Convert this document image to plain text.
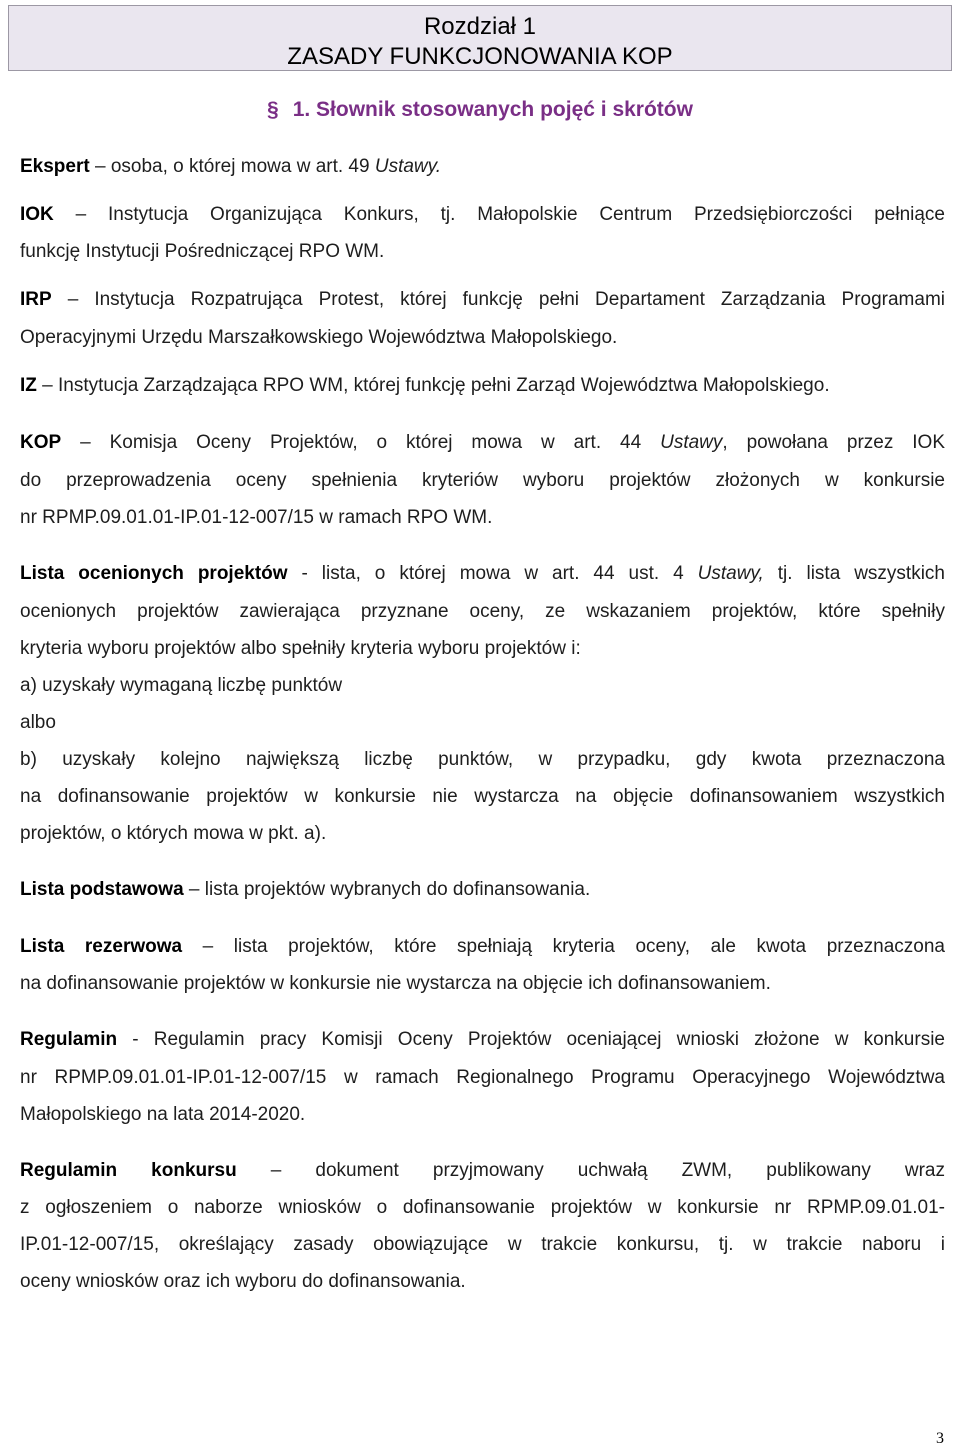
Rozdział 1
ZASADY FUNKCJONOWANIA KOP
§ 1. Słownik stosowanych pojęć i skrótów
Ekspert – osoba, o której mowa w art. 49 Ustawy.
IOK – Instytucja Organizująca Konkurs, tj. Małopolskie Centrum Przedsiębiorczości pełniące
funkcję Instytucji Pośredniczącej RPO WM.
IRP – Instytucja Rozpatrująca Protest, której funkcję pełni Departament Zarządzania Programami
Operacyjnymi Urzędu Marszałkowskiego Województwa Małopolskiego.
IZ – Instytucja Zarządzająca RPO WM, której funkcję pełni Zarząd Województwa Małopolskiego.
KOP – Komisja Oceny Projektów, o której mowa w art. 44 Ustawy, powołana przez IOK
do przeprowadzenia oceny spełnienia kryteriów wyboru projektów złożonych w konkursie
nr RPMP.09.01.01-IP.01-12-007/15 w ramach RPO WM.
Lista ocenionych projektów - lista, o której mowa w art. 44 ust. 4 Ustawy, tj. lista wszystkich
ocenionych projektów zawierająca przyznane oceny, ze wskazaniem projektów, które spełniły
kryteria wyboru projektów albo spełniły kryteria wyboru projektów i:
a) uzyskały wymaganą liczbę punktów
albo
b) uzyskały kolejno największą liczbę punktów, w przypadku, gdy kwota przeznaczona
na dofinansowanie projektów w konkursie nie wystarcza na objęcie dofinansowaniem wszystkich
projektów, o których mowa w pkt. a).
Lista podstawowa – lista projektów wybranych do dofinansowania.
Lista rezerwowa – lista projektów, które spełniają kryteria oceny, ale kwota przeznaczona
na dofinansowanie projektów w konkursie nie wystarcza na objęcie ich dofinansowaniem.
Regulamin - Regulamin pracy Komisji Oceny Projektów oceniającej wnioski złożone w konkursie
nr RPMP.09.01.01-IP.01-12-007/15 w ramach Regionalnego Programu Operacyjnego Województwa
Małopolskiego na lata 2014-2020.
Regulamin konkursu – dokument przyjmowany uchwałą ZWM, publikowany wraz
z ogłoszeniem o naborze wniosków o dofinansowanie projektów w konkursie nr RPMP.09.01.01-
IP.01-12-007/15, określający zasady obowiązujące w trakcie konkursu, tj. w trakcie naboru i
oceny wniosków oraz ich wyboru do dofinansowania.
3
